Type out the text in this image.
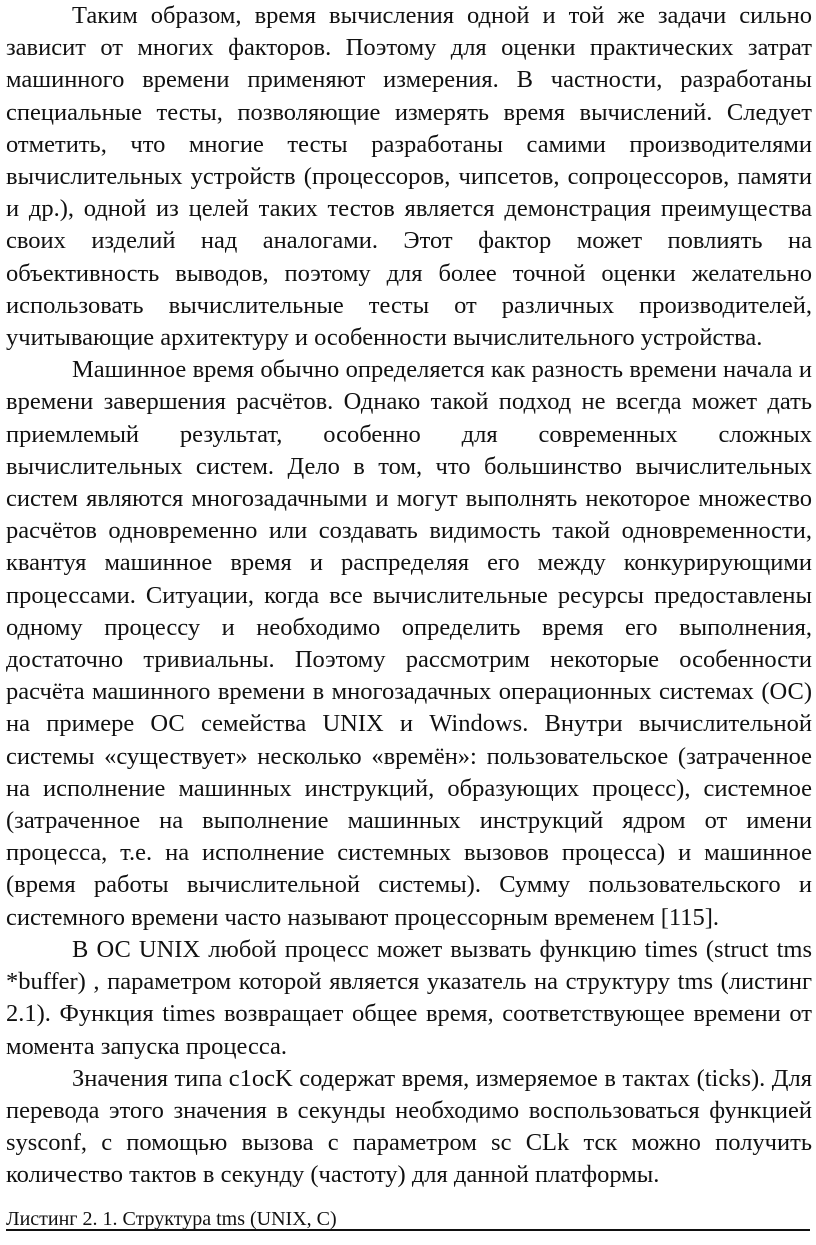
Таким образом, время вычисления одной и той же задачи сильно зависит от многих факторов. Поэтому для оценки практических затрат машинного времени применяют измерения. В частности, разработаны специальные тесты, позволяющие измерять время вычислений. Следует отметить, что многие тесты разработаны самими производителями вычислительных устройств (процессоров, чипсетов, сопроцессоров, памяти и др.), одной из целей таких тестов является демонстрация преимущества своих изделий над аналогами. Этот фактор может повлиять на объективность выводов, поэтому для более точной оценки желательно использовать вычислительные тесты от различных производителей, учитывающие архитектуру и особенности вычислительного устройства.

Машинное время обычно определяется как разность времени начала и времени завершения расчётов. Однако такой подход не всегда может дать приемлемый результат, особенно для современных сложных вычислительных систем. Дело в том, что большинство вычислительных систем являются многозадачными и могут выполнять некоторое множество расчётов одновременно или создавать видимость такой одновременности, квантуя машинное время и распределяя его между конкурирующими процессами. Ситуации, когда все вычислительные ресурсы предоставлены одному процессу и необходимо определить время его выполнения, достаточно тривиальны. Поэтому рассмотрим некоторые особенности расчёта машинного времени в многозадачных операционных системах (ОС) на примере ОС семейства UNIX и Windows. Внутри вычислительной системы «существует» несколько «времён»: пользовательское (затраченное на исполнение машинных инструкций, образующих процесс), системное (затраченное на выполнение машинных инструкций ядром от имени процесса, т.е. на исполнение системных вызовов процесса) и машинное (время работы вычислительной системы). Сумму пользовательского и системного времени часто называют процессорным временем [115].

В ОС UNIX любой процесс может вызвать функцию times (struct tms *buffer) , параметром которой является указатель на структуру tms (листинг 2.1). Функция times возвращает общее время, соответствующее времени от момента запуска процесса.

Значения типа c1ocK содержат время, измеряемое в тактах (ticks). Для перевода этого значения в секунды необходимо воспользоваться функцией sysconf, с помощью вызова с параметром sc CLk тск можно получить количество тактов в секунду (частоту) для данной платформы.

Листинг 2. 1. Структура tms (UNIX, C)
